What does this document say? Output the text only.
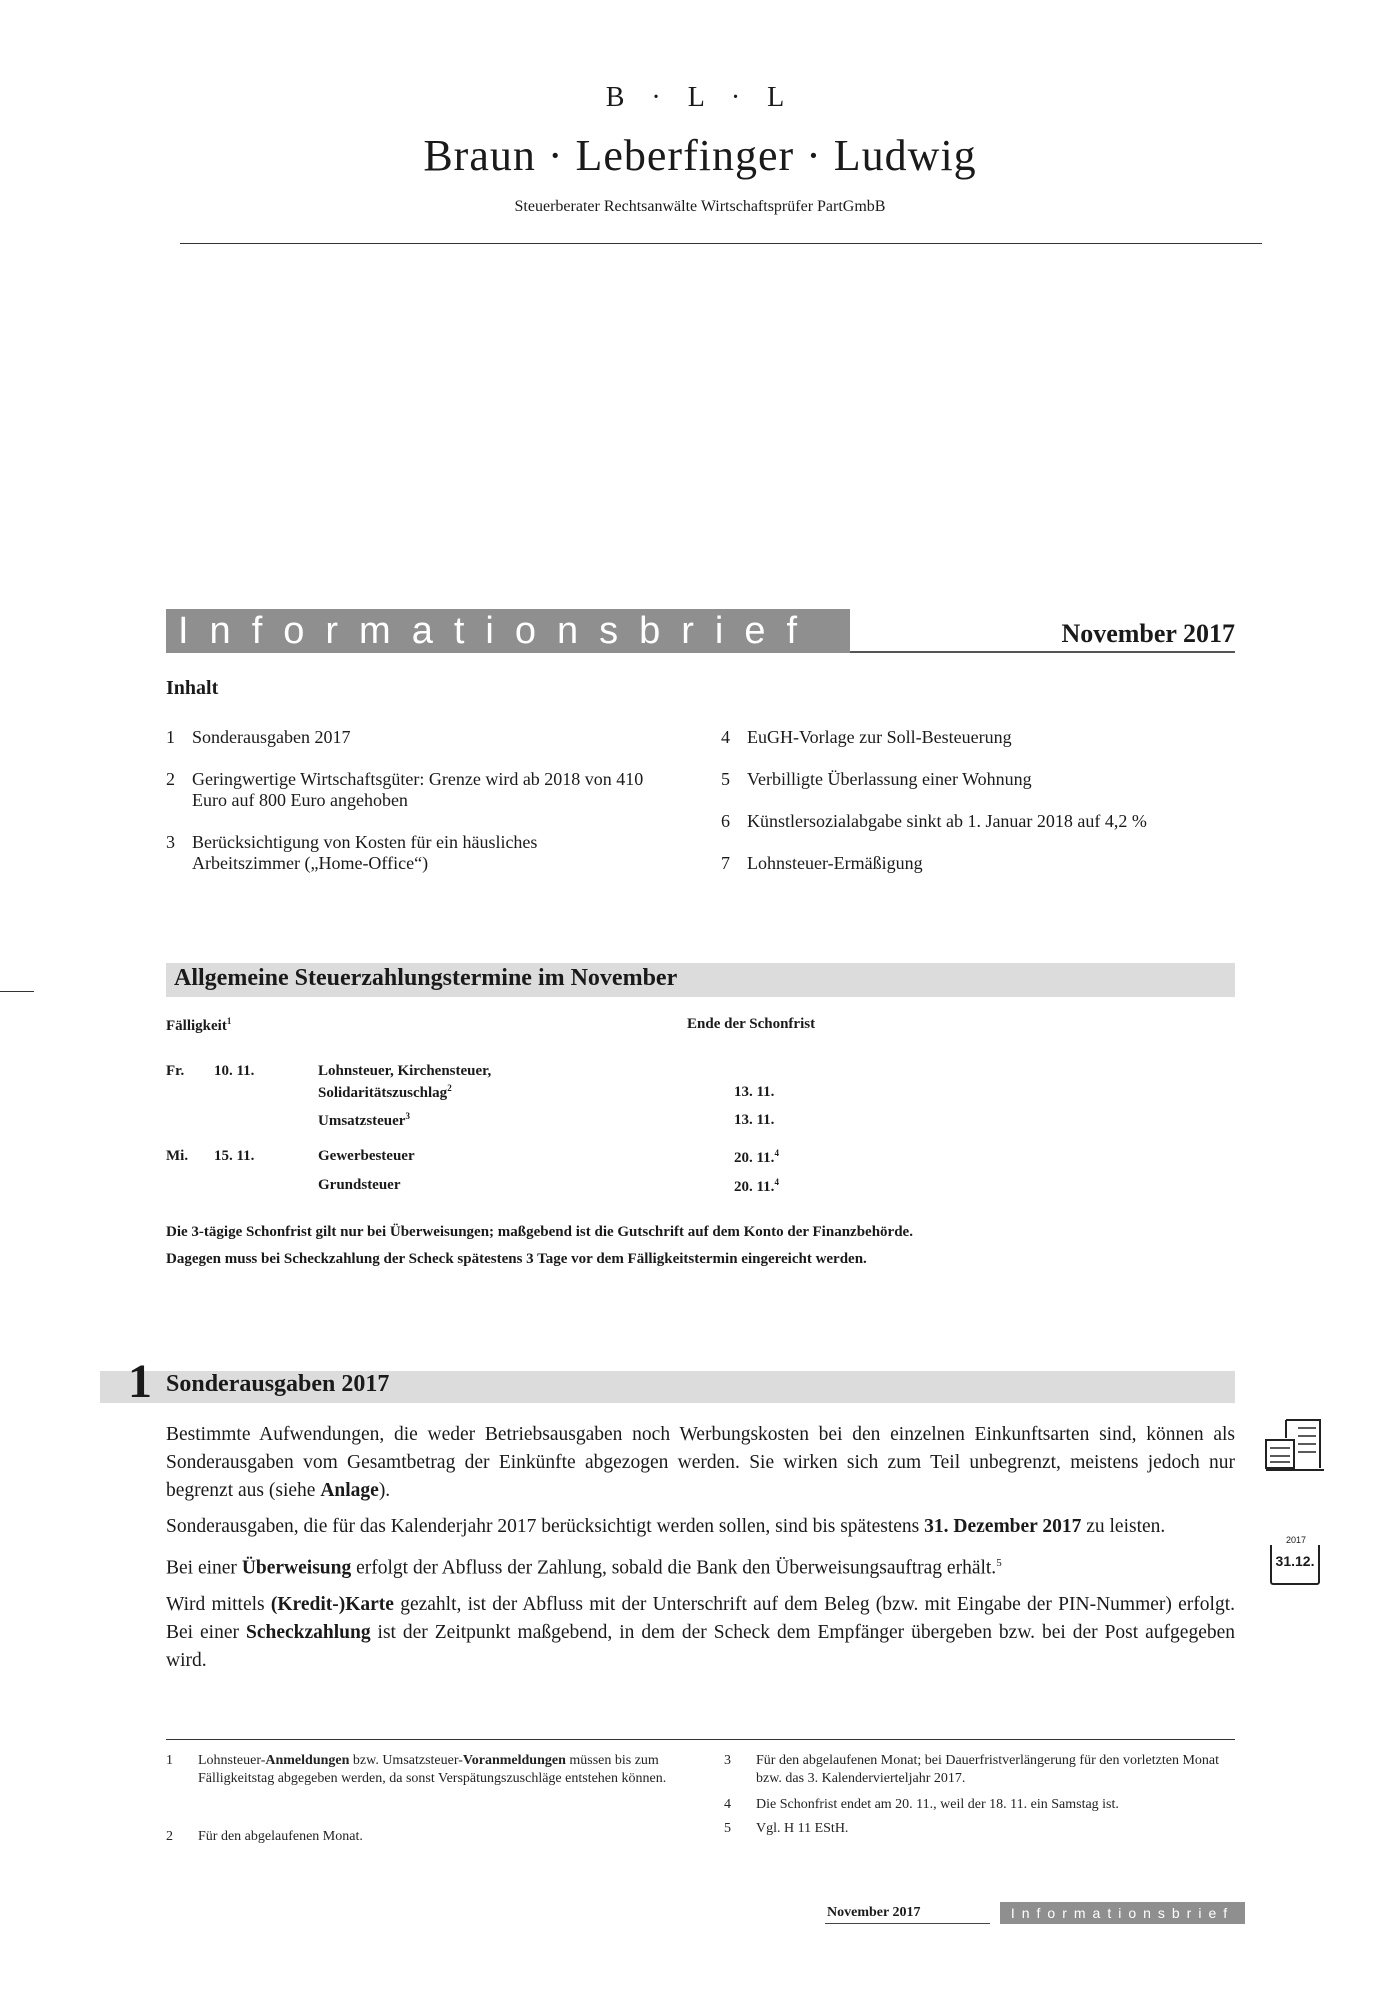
B · L · L
Braun · Leberfinger · Ludwig
Steuerberater Rechtsanwälte Wirtschaftsprüfer PartGmbB
Informationsbrief	November 2017
Inhalt
1 Sonderausgaben 2017
2 Geringwertige Wirtschaftsgüter: Grenze wird ab 2018 von 410 Euro auf 800 Euro angehoben
3 Berücksichtigung von Kosten für ein häusliches Arbeitszimmer („Home-Office“)
4 EuGH-Vorlage zur Soll-Besteuerung
5 Verbilligte Überlassung einer Wohnung
6 Künstlersozialabgabe sinkt ab 1. Januar 2018 auf 4,2 %
7 Lohnsteuer-Ermäßigung
Allgemeine Steuerzahlungstermine im November
Fälligkeit$^1$	Ende der Schonfrist
Fr. 10. 11.	Lohnsteuer, Kirchensteuer,
Solidaritätszuschlag$^2$	13. 11.
Umsatzsteuer$^3$	13. 11.
Mi. 15. 11.	Gewerbesteuer	20. 11.$^4$
Grundsteuer	20. 11.$^4$
Die 3-tägige Schonfrist gilt nur bei Überweisungen; maßgebend ist die Gutschrift auf dem Konto der Finanzbehörde.
Dagegen muss bei Scheckzahlung der Scheck spätestens 3 Tage vor dem Fälligkeitstermin eingereicht werden.
1 Sonderausgaben 2017

Bestimmte Aufwendungen, die weder Betriebsausgaben noch Werbungskosten bei den einzelnen Einkunftsarten sind, können als Sonderausgaben vom Gesamtbetrag der Einkünfte abgezogen werden. Sie wirken sich zum Teil unbegrenzt, meistens jedoch nur begrenzt aus (siehe Anlage).

Sonderausgaben, die für das Kalenderjahr 2017 berücksichtigt werden sollen, sind bis spätestens 31. Dezember 2017 zu leisten.

Bei einer Überweisung erfolgt der Abfluss der Zahlung, sobald die Bank den Überweisungsauftrag erhält.$^5$

Wird mittels (Kredit-)Karte gezahlt, ist der Abfluss mit der Unterschrift auf dem Beleg (bzw. mit Eingabe der PIN-Nummer) erfolgt. Bei einer Scheckzahlung ist der Zeitpunkt maßgebend, in dem der Scheck dem Empfänger übergeben bzw. bei der Post aufgegeben wird.

2017
31.12.
1	Lohnsteuer-Anmeldungen bzw. Umsatzsteuer-Voranmeldungen müssen bis zum Fälligkeitstag abgegeben werden, da sonst Verspätungszuschläge entstehen können.
2	Für den abgelaufenen Monat.
3	Für den abgelaufenen Monat; bei Dauerfristverlängerung für den vorletzten Monat bzw. das 3. Kalendervierteljahr 2017.
4	Die Schonfrist endet am 20. 11., weil der 18. 11. ein Samstag ist.
5	Vgl. H 11 EStH.
November 2017	Informationsbrief
